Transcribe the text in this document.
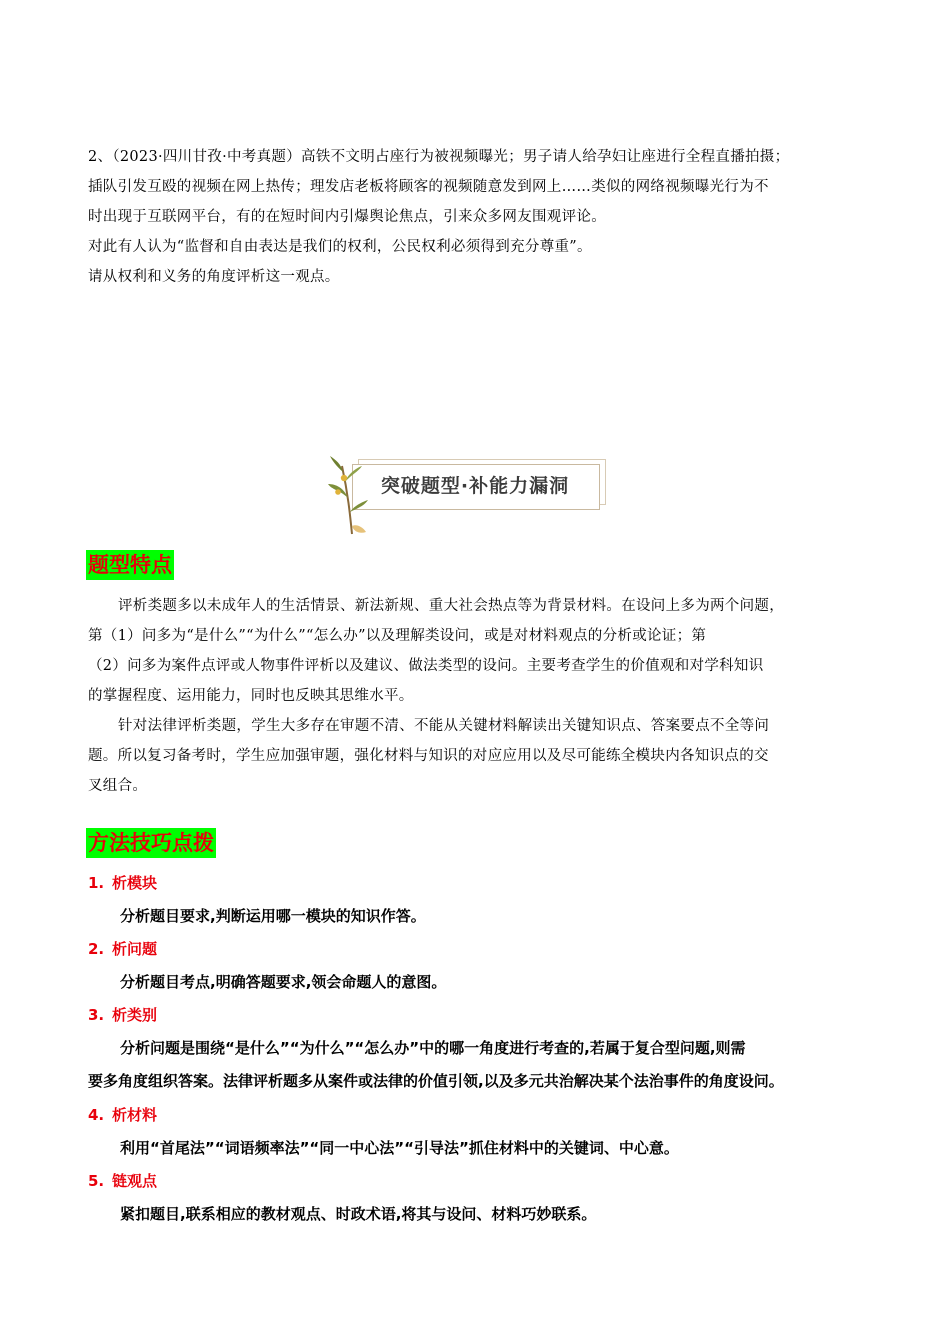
2、（2023·四川甘孜·中考真题）高铁不文明占座行为被视频曝光；男子请人给孕妇让座进行全程直播拍摄；
插队引发互殴的视频在网上热传；理发店老板将顾客的视频随意发到网上……类似的网络视频曝光行为不
时出现于互联网平台，有的在短时间内引爆舆论焦点，引来众多网友围观评论。
对此有人认为“监督和自由表达是我们的权利，公民权利必须得到充分尊重”。
请从权利和义务的角度评析这一观点。
突破题型·补能力漏洞
题型特点
评析类题多以未成年人的生活情景、新法新规、重大社会热点等为背景材料。在设问上多为两个问题，
第（1）问多为“是什么”“为什么”“怎么办”以及理解类设问，或是对材料观点的分析或论证；第
（2）问多为案件点评或人物事件评析以及建议、做法类型的设问。主要考查学生的价值观和对学科知识
的掌握程度、运用能力，同时也反映其思维水平。
针对法律评析类题，学生大多存在审题不清、不能从关键材料解读出关键知识点、答案要点不全等问
题。所以复习备考时，学生应加强审题，强化材料与知识的对应应用以及尽可能练全模块内各知识点的交
叉组合。
方法技巧点拨
1. 析模块
分析题目要求,判断运用哪一模块的知识作答。
2. 析问题
分析题目考点,明确答题要求,领会命题人的意图。
3. 析类别
分析问题是围绕“是什么”“为什么”“怎么办”中的哪一角度进行考查的,若属于复合型问题,则需
要多角度组织答案。法律评析题多从案件或法律的价值引领,以及多元共治解决某个法治事件的角度设问。
4. 析材料
利用“首尾法”“词语频率法”“同一中心法”“引导法”抓住材料中的关键词、中心意。
5. 链观点
紧扣题目,联系相应的教材观点、时政术语,将其与设问、材料巧妙联系。
